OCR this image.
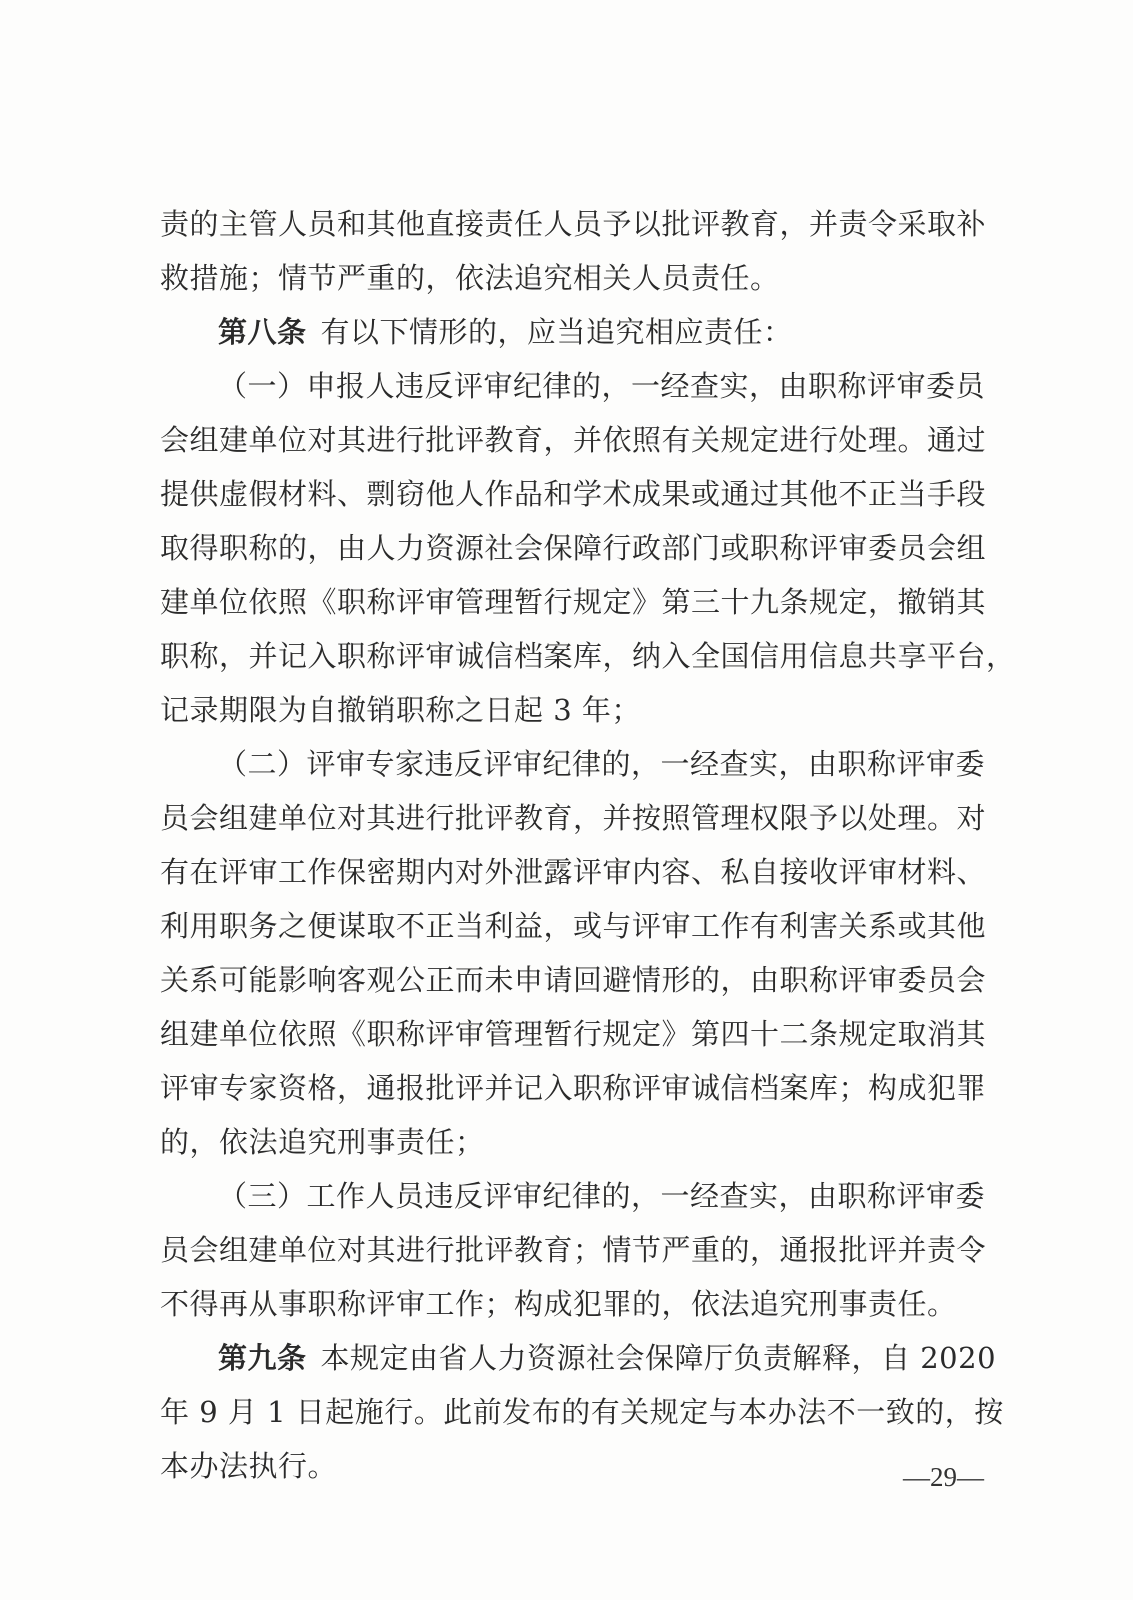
责的主管人员和其他直接责任人员予以批评教育，并责令采取补
救措施；情节严重的，依法追究相关人员责任。
第八条 有以下情形的，应当追究相应责任：
（一）申报人违反评审纪律的，一经查实，由职称评审委员
会组建单位对其进行批评教育，并依照有关规定进行处理。通过
提供虚假材料、剽窃他人作品和学术成果或通过其他不正当手段
取得职称的，由人力资源社会保障行政部门或职称评审委员会组
建单位依照《职称评审管理暂行规定》第三十九条规定，撤销其
职称，并记入职称评审诚信档案库，纳入全国信用信息共享平台，
记录期限为自撤销职称之日起 3 年；
（二）评审专家违反评审纪律的，一经查实，由职称评审委
员会组建单位对其进行批评教育，并按照管理权限予以处理。对
有在评审工作保密期内对外泄露评审内容、私自接收评审材料、
利用职务之便谋取不正当利益，或与评审工作有利害关系或其他
关系可能影响客观公正而未申请回避情形的，由职称评审委员会
组建单位依照《职称评审管理暂行规定》第四十二条规定取消其
评审专家资格，通报批评并记入职称评审诚信档案库；构成犯罪
的，依法追究刑事责任；
（三）工作人员违反评审纪律的，一经查实，由职称评审委
员会组建单位对其进行批评教育；情节严重的，通报批评并责令
不得再从事职称评审工作；构成犯罪的，依法追究刑事责任。
第九条 本规定由省人力资源社会保障厅负责解释，自 2020
年 9 月 1 日起施行。此前发布的有关规定与本办法不一致的，按
本办法执行。	—29—
